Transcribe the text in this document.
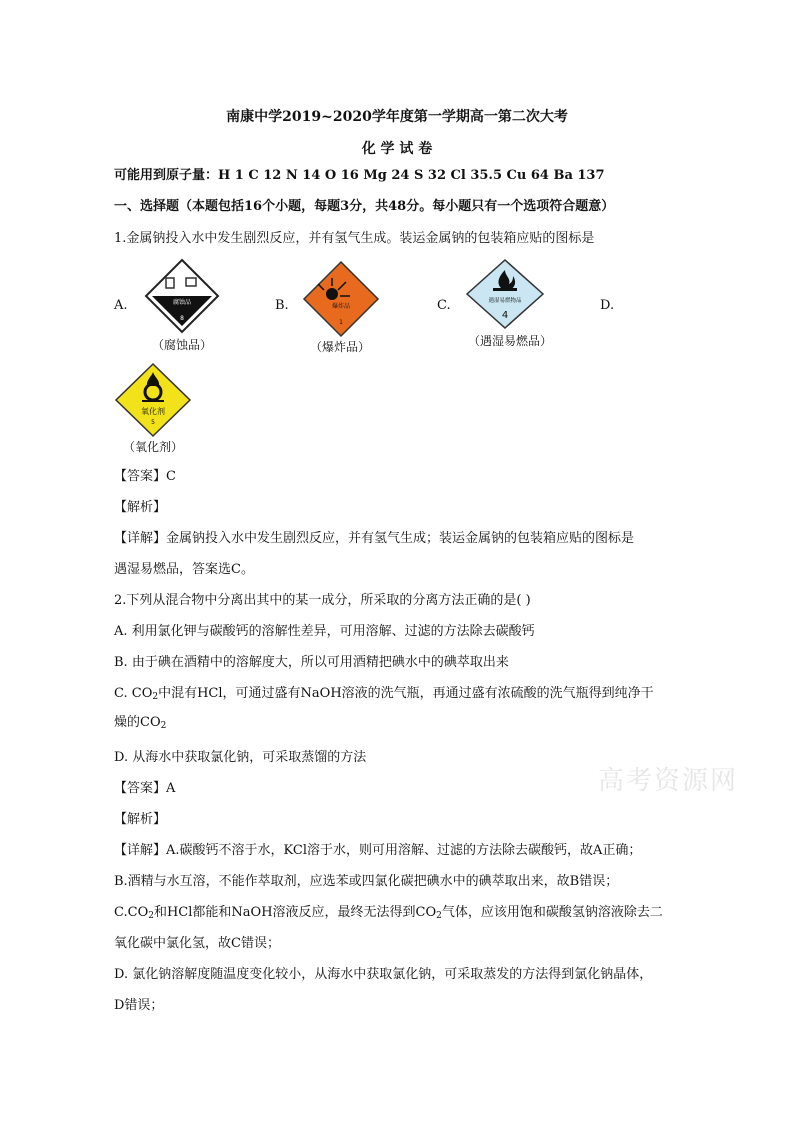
南康中学2019~2020学年度第一学期高一第二次大考
化 学 试 卷
可能用到原子量：H 1 C 12 N 14 O 16 Mg 24 S 32 Cl 35.5 Cu 64 Ba 137
一、选择题（本题包括16个小题，每题3分，共48分。每小题只有一个选项符合题意）
1.金属钠投入水中发生剧烈反应，并有氢气生成。装运金属钠的包装箱应贴的图标是
A.	腐蚀品
8
（腐蚀品）
B.	爆炸品
1
（爆炸品）
C.	遇湿易燃物品
4
（遇湿易燃品）
D.
氧化剂
5
（氧化剂）
【答案】C
【解析】
【详解】金属钠投入水中发生剧烈反应，并有氢气生成；装运金属钠的包装箱应贴的图标是
遇湿易燃品，答案选C。
2.下列从混合物中分离出其中的某一成分，所采取的分离方法正确的是( )
A. 利用氯化钾与碳酸钙的溶解性差异，可用溶解、过滤的方法除去碳酸钙
B. 由于碘在酒精中的溶解度大，所以可用酒精把碘水中的碘萃取出来
C. $CO_2$中混有HCl，可通过盛有NaOH溶液的洗气瓶，再通过盛有浓硫酸的洗气瓶得到纯净干
燥的$CO_2$
D. 从海水中获取氯化钠，可采取蒸馏的方法
【答案】A
【解析】
【详解】A.碳酸钙不溶于水，KCl溶于水，则可用溶解、过滤的方法除去碳酸钙，故A正确；
B.酒精与水互溶，不能作萃取剂，应选苯或四氯化碳把碘水中的碘萃取出来，故B错误；
$C.CO_2$和HCl都能和NaOH溶液反应，最终无法得到$CO_2$气体，应该用饱和碳酸氢钠溶液除去二
氧化碳中氯化氢，故C错误；
D. 氯化钠溶解度随温度变化较小，从海水中获取氯化钠，可采取蒸发的方法得到氯化钠晶体，
D错误；
高考资源网
